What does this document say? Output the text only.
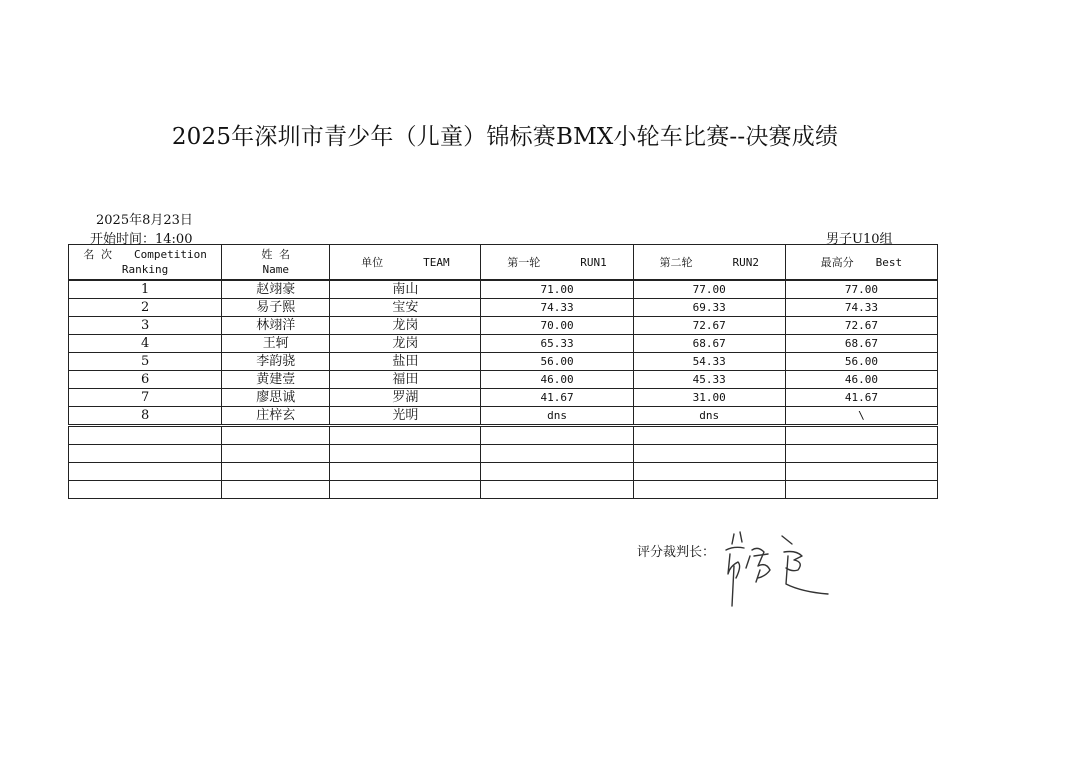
2025年深圳市青少年（儿童）锦标赛BMX小轮车比赛--决赛成绩
2025年8月23日
开始时间：14:00	男子U10组
名 次 Competition
Ranking	姓 名
Name	单位 TEAM	第一轮 RUN1	第二轮 RUN2	最高分 Best
1	赵翊豪	南山	71.00	77.00	77.00
2	易子熙	宝安	74.33	69.33	74.33
3	林翊洋	龙岗	70.00	72.67	72.67
4	王轲	龙岗	65.33	68.67	68.67
5	李韵骁	盐田	56.00	54.33	56.00
6	黄建壹	福田	46.00	45.33	46.00
7	廖思诚	罗湖	41.67	31.00	41.67
8	庄梓玄	光明	dns	dns	\

评分裁判长：
